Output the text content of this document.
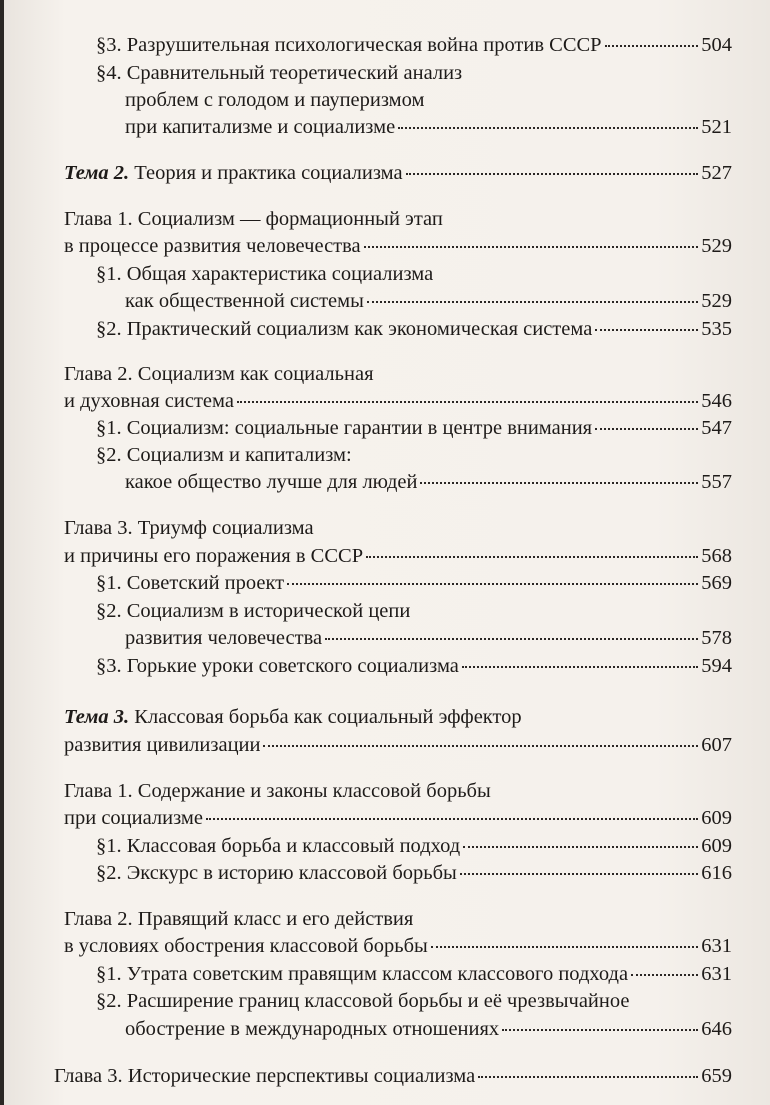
§3. Разрушительная психологическая война против СССР	504
§4. Сравнительный теоретический анализ
проблем с голодом и пауперизмом
при капитализме и социализме	521
Тема 2. Теория и практика социализма	527
Глава 1. Социализм — формационный этап
в процессе развития человечества	529
§1. Общая характеристика социализма
как общественной системы	529
§2. Практический социализм как экономическая система	535
Глава 2. Социализм как социальная
и духовная система	546
§1. Социализм: социальные гарантии в центре внимания	547
§2. Социализм и капитализм:
какое общество лучше для людей	557
Глава 3. Триумф социализма
и причины его поражения в СССР	568
§1. Советский проект	569
§2. Социализм в исторической цепи
развития человечества	578
§3. Горькие уроки советского социализма	594
Тема 3. Классовая борьба как социальный эффектор
развития цивилизации	607
Глава 1. Содержание и законы классовой борьбы
при социализме	609
§1. Классовая борьба и классовый подход	609
§2. Экскурс в историю классовой борьбы	616
Глава 2. Правящий класс и его действия
в условиях обострения классовой борьбы	631
§1. Утрата советским правящим классом классового подхода	631
§2. Расширение границ классовой борьбы и её чрезвычайное
обострение в международных отношениях	646
Глава 3. Исторические перспективы социализма	659
